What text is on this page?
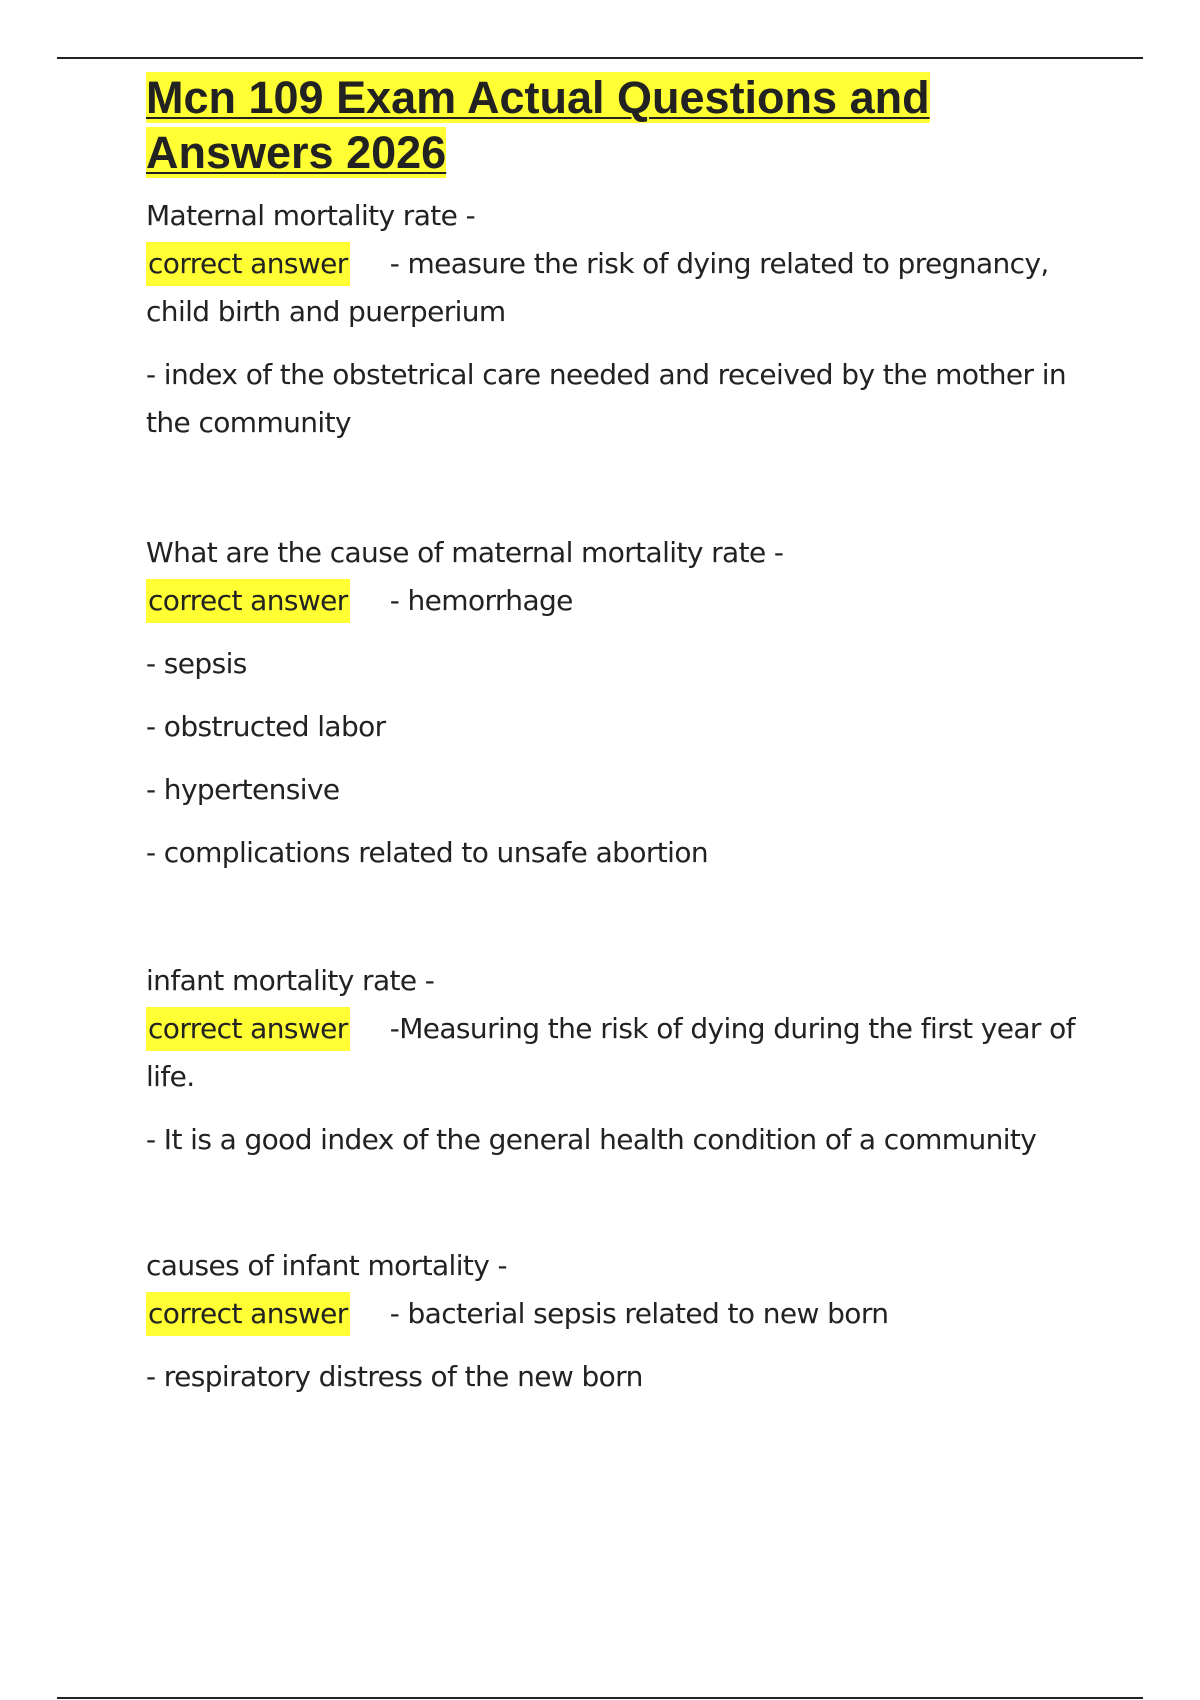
Mcn 109 Exam Actual Questions and Answers 2026

Maternal mortality rate -

correct answer - measure the risk of dying related to pregnancy, child birth and puerperium

- index of the obstetrical care needed and received by the mother in the community

What are the cause of maternal mortality rate -

correct answer - hemorrhage

- sepsis

- obstructed labor

- hypertensive

- complications related to unsafe abortion

infant mortality rate -

correct answer -Measuring the risk of dying during the first year of life.

- It is a good index of the general health condition of a community

causes of infant mortality -

correct answer - bacterial sepsis related to new born

- respiratory distress of the new born
